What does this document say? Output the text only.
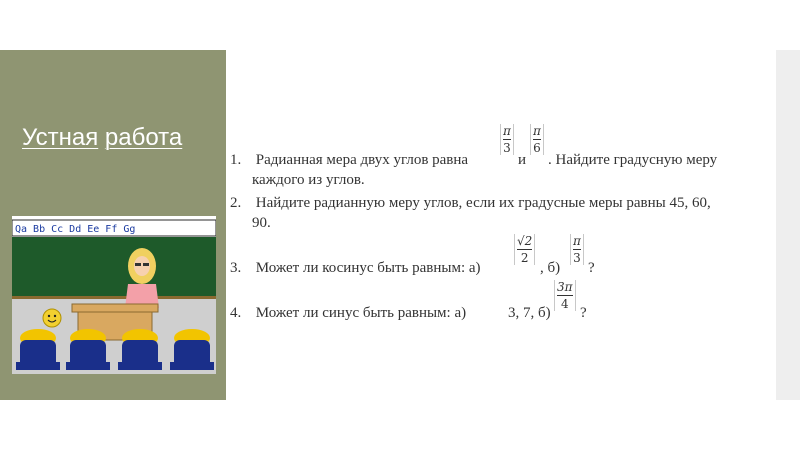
Устная работа
Qa Bb Cc Dd Ee Ff Gg
1. Радианная мера двух углов равна
π
3
и
π
6
. Найдите градусную меру
каждого из углов.
2. Найдите радианную меру углов, если их градусные меры равны 45, 60,
90.
3. Может ли косинус быть равным: а)
√2
2
, б)
π
3
?
4. Может ли синус быть равным: а)	3, 7, б)
3π
4
?
